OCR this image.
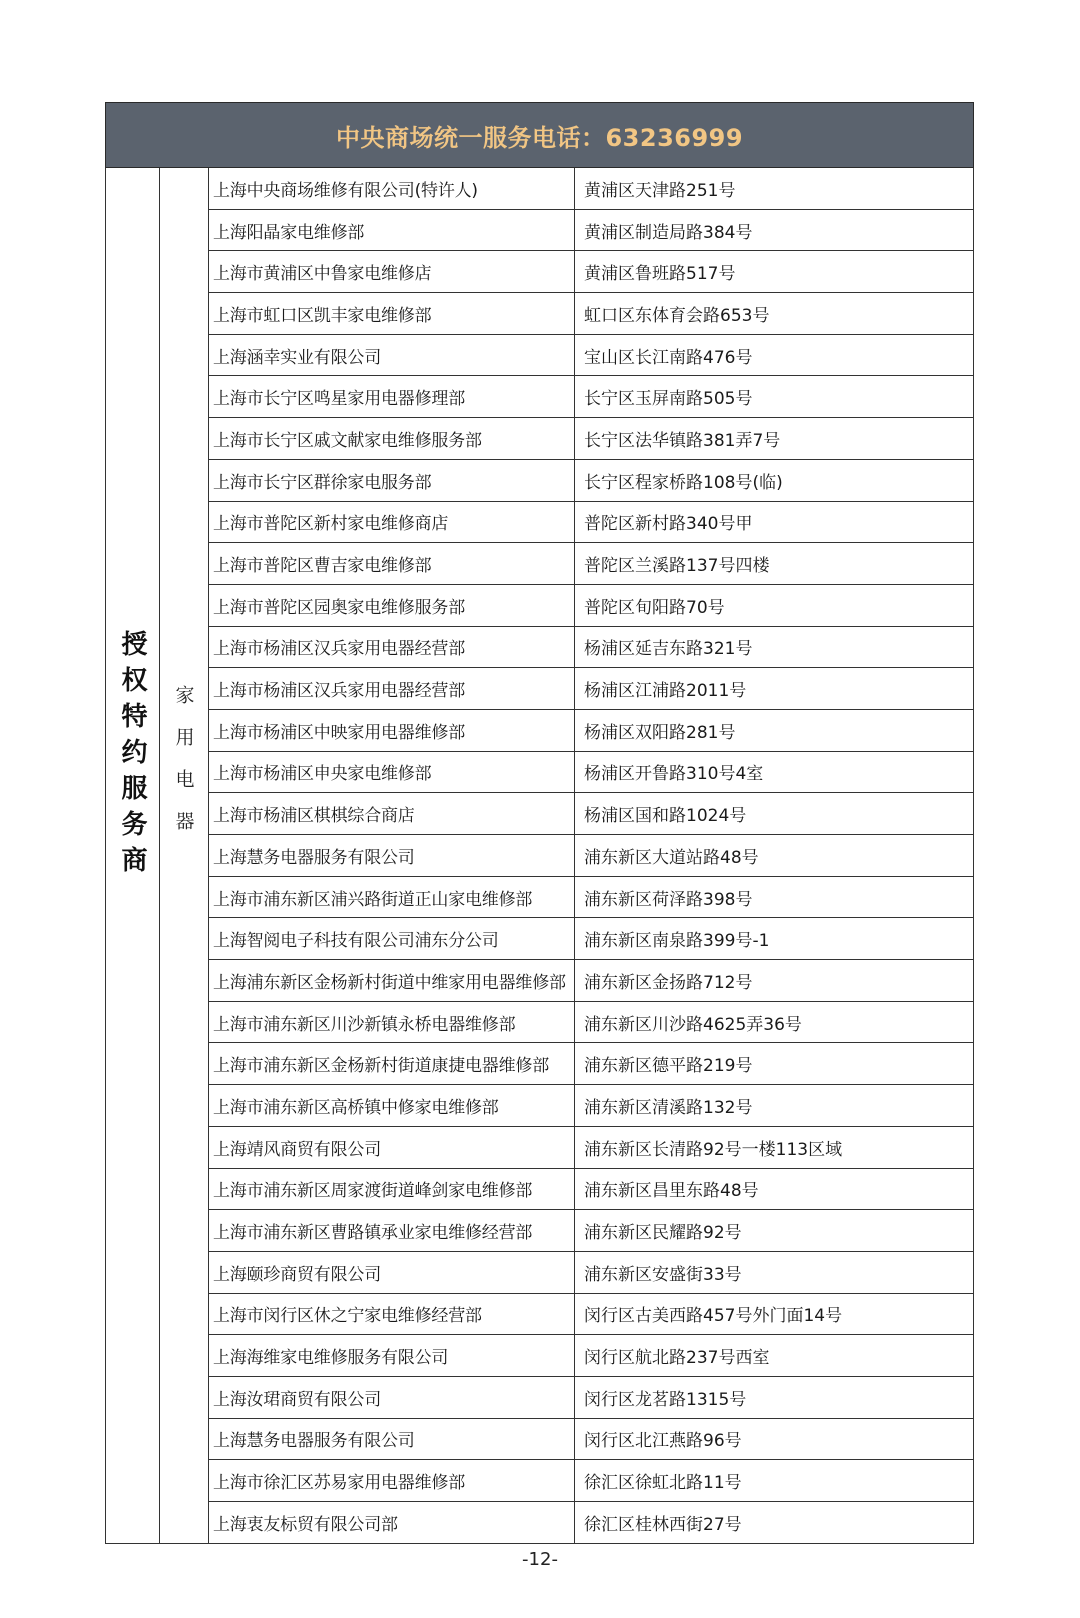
中央商场统一服务电话：63236999			
授权特约服务商	家用电器	上海中央商场维修有限公司(特许人)	黄浦区天津路251号
		上海阳晶家电维修部	黄浦区制造局路384号
		上海市黄浦区中鲁家电维修店	黄浦区鲁班路517号
		上海市虹口区凯丰家电维修部	虹口区东体育会路653号
		上海涵幸实业有限公司	宝山区长江南路476号
		上海市长宁区鸣星家用电器修理部	长宁区玉屏南路505号
		上海市长宁区戚文献家电维修服务部	长宁区法华镇路381弄7号
		上海市长宁区群徐家电服务部	长宁区程家桥路108号(临)
		上海市普陀区新村家电维修商店	普陀区新村路340号甲
		上海市普陀区曹吉家电维修部	普陀区兰溪路137号四楼
		上海市普陀区园奥家电维修服务部	普陀区旬阳路70号
		上海市杨浦区汉兵家用电器经营部	杨浦区延吉东路321号
		上海市杨浦区汉兵家用电器经营部	杨浦区江浦路2011号
		上海市杨浦区中映家用电器维修部	杨浦区双阳路281号
		上海市杨浦区申央家电维修部	杨浦区开鲁路310号4室
		上海市杨浦区棋棋综合商店	杨浦区国和路1024号
		上海慧务电器服务有限公司	浦东新区大道站路48号
		上海市浦东新区浦兴路街道正山家电维修部	浦东新区荷泽路398号
		上海智阅电子科技有限公司浦东分公司	浦东新区南泉路399号-1
		上海浦东新区金杨新村街道中维家用电器维修部	浦东新区金扬路712号
		上海市浦东新区川沙新镇永桥电器维修部	浦东新区川沙路4625弄36号
		上海市浦东新区金杨新村街道康捷电器维修部	浦东新区德平路219号
		上海市浦东新区高桥镇中修家电维修部	浦东新区清溪路132号
		上海靖风商贸有限公司	浦东新区长清路92号一楼113区域
		上海市浦东新区周家渡街道峰剑家电维修部	浦东新区昌里东路48号
		上海市浦东新区曹路镇承业家电维修经营部	浦东新区民耀路92号
		上海颐珍商贸有限公司	浦东新区安盛街33号
		上海市闵行区休之宁家电维修经营部	闵行区古美西路457号外门面14号
		上海海维家电维修服务有限公司	闵行区航北路237号西室
		上海汝珺商贸有限公司	闵行区龙茗路1315号
		上海慧务电器服务有限公司	闵行区北江燕路96号
		上海市徐汇区苏易家用电器维修部	徐汇区徐虹北路11号
		上海衷友标贸有限公司部	徐汇区桂林西街27号
-12-
